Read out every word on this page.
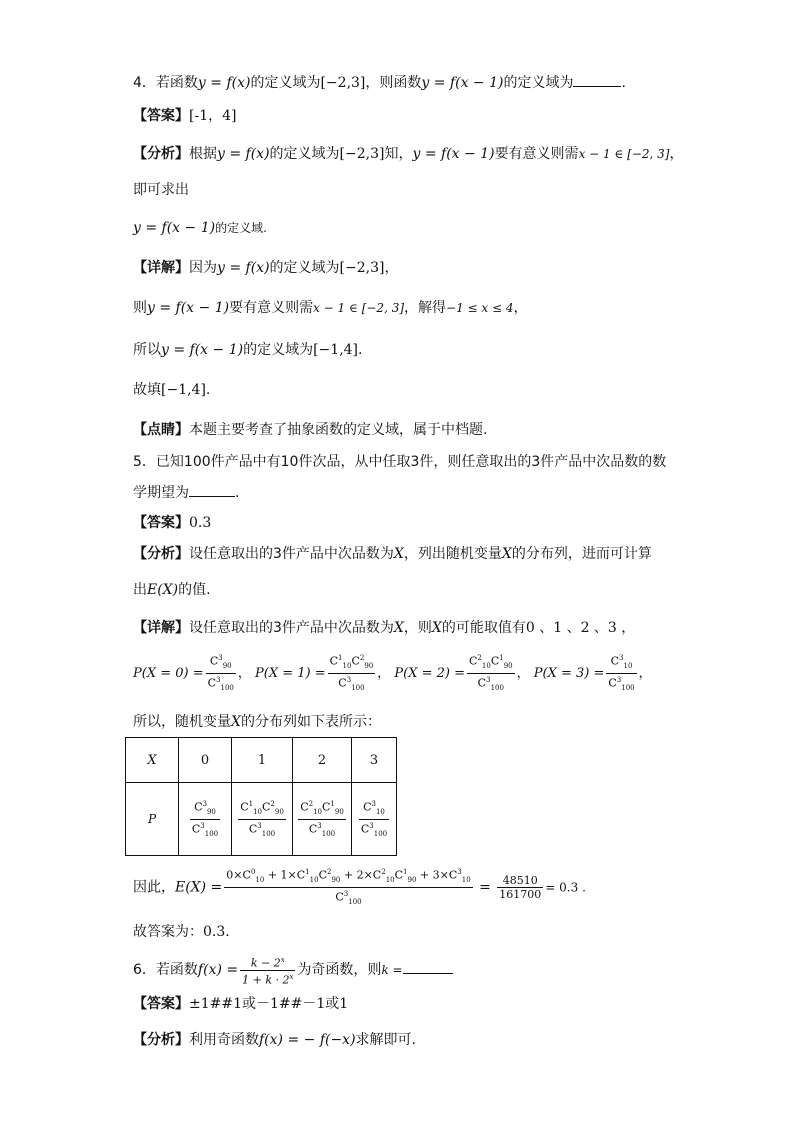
4．若函数y = f(x)的定义域为[−2,3]，则函数y = f(x − 1)的定义域为	.
【答案】[-1，4]
【分析】根据y = f(x)的定义域为[−2,3]知，y = f(x − 1)要有意义则需x − 1 ∈ [−2, 3]，
即可求出
y = f(x − 1)的定义域.
【详解】因为y = f(x)的定义域为[−2,3]，
则y = f(x − 1)要有意义则需x − 1 ∈ [−2, 3]，解得−1 ≤ x ≤ 4，
所以y = f(x − 1)的定义域为[−1,4].
故填[−1,4].
【点睛】本题主要考查了抽象函数的定义域，属于中档题.
5．已知100件产品中有10件次品，从中任取3件，则任意取出的3件产品中次品数的数
学期望为	.
【答案】0.3
【分析】设任意取出的3件产品中次品数为X，列出随机变量X的分布列，进而可计算
出E(X)的值.
【详解】设任意取出的3件产品中次品数为X，则X的可能取值有0 、1 、2 、3 ，
$P(X = 0) = \frac{C^3_{90}}{C^3_{100}}$ ， $P(X = 1) = \frac{C^1_{10}C^2_{90}}{C^3_{100}}$ ， $P(X = 2) = \frac{C^2_{10}C^1_{90}}{C^3_{100}}$ ， $P(X = 3) = \frac{C^3_{10}}{C^3_{100}}$ ，
所以，随机变量X的分布列如下表所示：
X	0	1	2	3
P	$\frac{C^3_{90}}{C^3_{100}}$	$\frac{C^1_{10}C^2_{90}}{C^3_{100}}$	$\frac{C^2_{10}C^1_{90}}{C^3_{100}}$	$\frac{C^3_{10}}{C^3_{100}}$
因此，$E(X) = \frac{0\times C^0_{10} + 1\times C^1_{10}C^2_{90} + 2\times C^2_{10}C^1_{90} + 3\times C^3_{10}}{C^3_{100}} = \frac{48510}{161700} = 0.3$ .
故答案为：0.3.
6．若函数$f(x) = \frac{k - 2^x}{1 + k \cdot 2^x}$ 为奇函数，则k =
【答案】±1##1或－1##－1或1
【分析】利用奇函数f(x) = − f(−x)求解即可.
